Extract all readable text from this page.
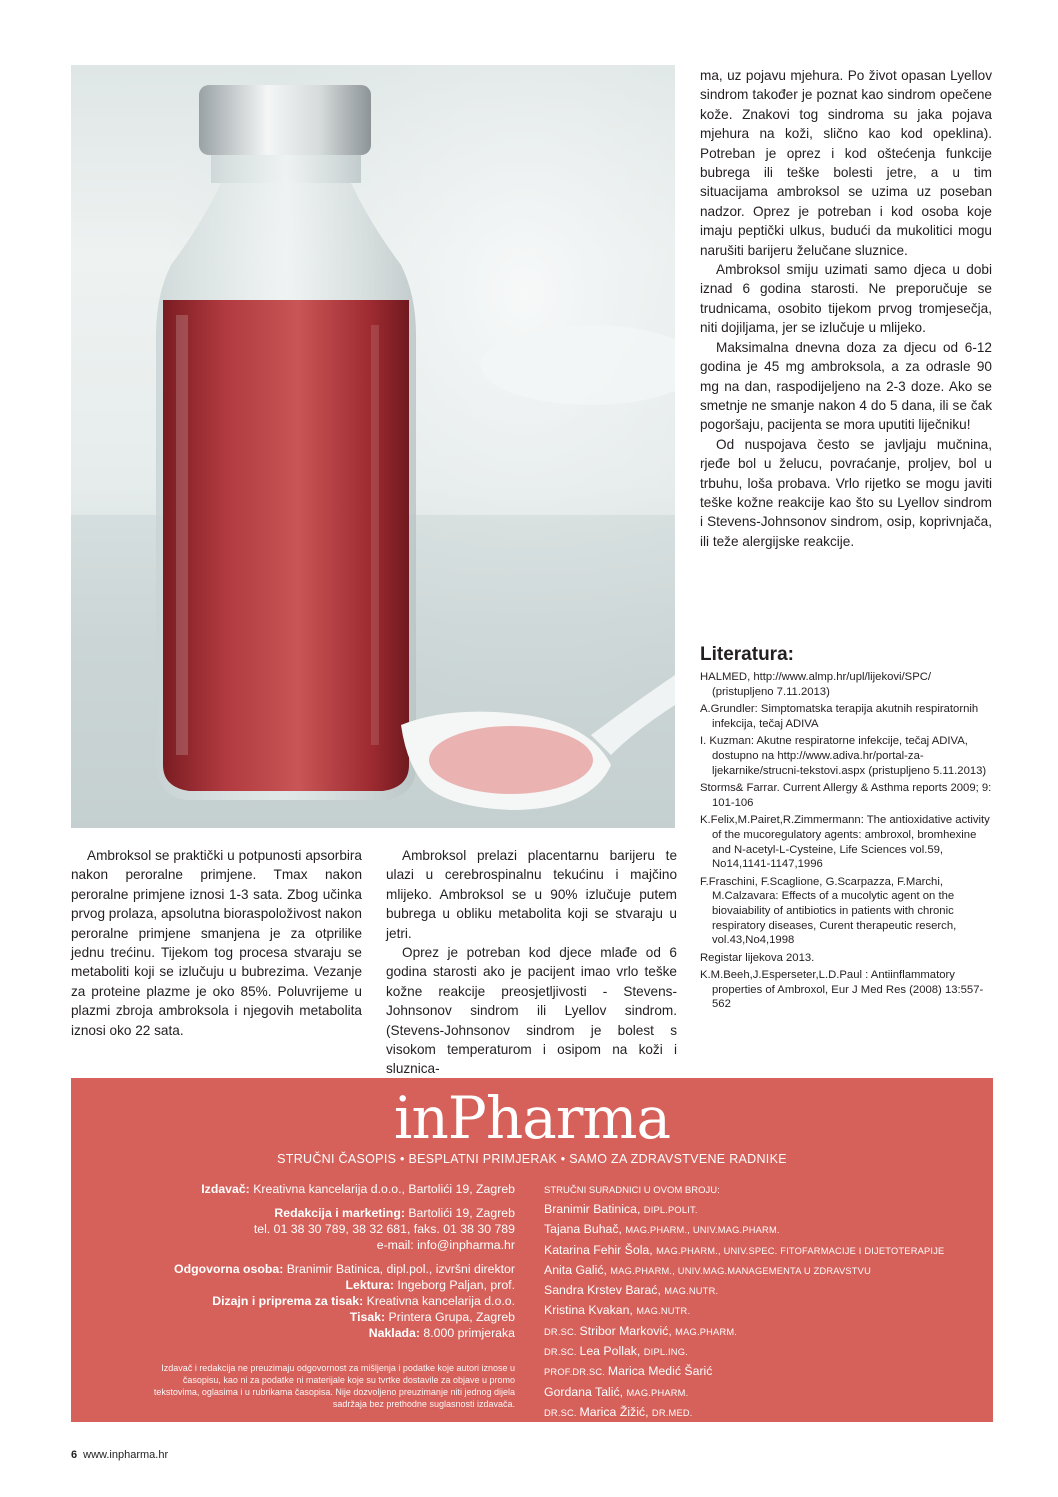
ma, uz pojavu mjehura. Po život opasan Lyellov sindrom također je poznat kao sindrom opečene kože. Znakovi tog sindroma su jaka pojava mjehura na koži, slično kao kod opeklina). Potreban je oprez i kod oštećenja funkcije bubrega ili teške bolesti jetre, a u tim situacijama ambroksol se uzima uz poseban nadzor. Oprez je potreban i kod osoba koje imaju peptički ulkus, budući da mukolitici mogu narušiti barijeru želučane sluznice.

Ambroksol smiju uzimati samo djeca u dobi iznad 6 godina starosti. Ne preporučuje se trudnicama, osobito tijekom prvog tromjesečja, niti dojiljama, jer se izlučuje u mlijeko.

Maksimalna dnevna doza za djecu od 6-12 godina je 45 mg ambroksola, a za odrasle 90 mg na dan, raspodijeljeno na 2-3 doze. Ako se smetnje ne smanje nakon 4 do 5 dana, ili se čak pogoršaju, pacijenta se mora uputiti liječniku!

Od nuspojava često se javljaju mučnina, rjeđe bol u želucu, povraćanje, proljev, bol u trbuhu, loša probava. Vrlo rijetko se mogu javiti teške kožne reakcije kao što su Lyellov sindrom i Stevens-Johnsonov sindrom, osip, koprivnjača, ili teže alergijske reakcije.

Literatura:
HALMED, http://www.almp.hr/upl/lijekovi/SPC/ (pristupljeno 7.11.2013)
A.Grundler: Simptomatska terapija akutnih respiratornih infekcija, tečaj ADIVA
I. Kuzman: Akutne respiratorne infekcije, tečaj ADIVA, dostupno na http://www.adiva.hr/portal-za-ljekarnike/strucni-tekstovi.aspx (pristupljeno 5.11.2013)
Storms& Farrar. Current Allergy & Asthma reports 2009; 9: 101-106
K.Felix,M.Pairet,R.Zimmermann: The antioxidative activity of the mucoregulatory agents: ambroxol, bromhexine and N-acetyl-L-Cysteine, Life Sciences vol.59, No14,1141-1147,1996
F.Fraschini, F.Scaglione, G.Scarpazza, F.Marchi, M.Calzavara: Effects of a mucolytic agent on the biovaiability of antibiotics in patients with chronic respiratory diseases, Curent therapeutic reserch, vol.43,No4,1998
Registar lijekova 2013.
K.M.Beeh,J.Esperseter,L.D.Paul : Antiinflammatory properties of Ambroxol, Eur J Med Res (2008) 13:557-562

Ambroksol se praktički u potpunosti apsorbira nakon peroralne primjene. Tmax nakon peroralne primjene iznosi 1-3 sata. Zbog učinka prvog prolaza, apsolutna bioraspoloživost nakon peroralne primjene smanjena je za otprilike jednu trećinu. Tijekom tog procesa stvaraju se metaboliti koji se izlučuju u bubrezima. Vezanje za proteine plazme je oko 85%. Poluvrijeme u plazmi zbroja ambroksola i njegovih metabolita iznosi oko 22 sata.

Ambroksol prelazi placentarnu barijeru te ulazi u cerebrospinalnu tekućinu i majčino mlijeko. Ambroksol se u 90% izlučuje putem bubrega u obliku metabolita koji se stvaraju u jetri.

Oprez je potreban kod djece mlađe od 6 godina starosti ako je pacijent imao vrlo teške kožne reakcije preosjetljivosti - Stevens-Johnsonov sindrom ili Lyellov sindrom. (Stevens-Johnsonov sindrom je bolest s visokom temperaturom i osipom na koži i sluznica-

inPharma
STRUČNI ČASOPIS • BESPLATNI PRIMJERAK • SAMO ZA ZDRAVSTVENE RADNIKE
Izdavač: Kreativna kancelarija d.o.o., Bartolići 19, Zagreb
Redakcija i marketing: Bartolići 19, Zagreb
tel. 01 38 30 789, 38 32 681, faks. 01 38 30 789
e-mail: info@inpharma.hr
Odgovorna osoba: Branimir Batinica, dipl.pol., izvršni direktor
Lektura: Ingeborg Paljan, prof.
Dizajn i priprema za tisak: Kreativna kancelarija d.o.o.
Tisak: Printera Grupa, Zagreb
Naklada: 8.000 primjeraka
Izdavač i redakcija ne preuzimaju odgovornost za mišljenja i podatke koje autori iznose u časopisu, kao ni za podatke ni materijale koje su tvrtke dostavile za objave u promo tekstovima, oglasima i u rubrikama časopisa. Nije dozvoljeno preuzimanje niti jednog dijela sadržaja bez prethodne suglasnosti izdavača.
STRUČNI SURADNICI U OVOM BROJU:
Branimir Batinica, DIPL.POLIT.
Tajana Buhač, MAG.PHARM., UNIV.MAG.PHARM.
Katarina Fehir Šola, MAG.PHARM., UNIV.SPEC. FITOFARMACIJE I DIJETOTERAPIJE
Anita Galić, MAG.PHARM., UNIV.MAG.MANAGEMENTA U ZDRAVSTVU
Sandra Krstev Barać, MAG.NUTR.
Kristina Kvakan, MAG.NUTR.
DR.SC. Stribor Marković, MAG.PHARM.
DR.SC. Lea Pollak, DIPL.ING.
PROF.DR.SC. Marica Medić Šarić
Gordana Talić, MAG.PHARM.
DR.SC. Marica Žižić, DR.MED.
6 www.inpharma.hr
